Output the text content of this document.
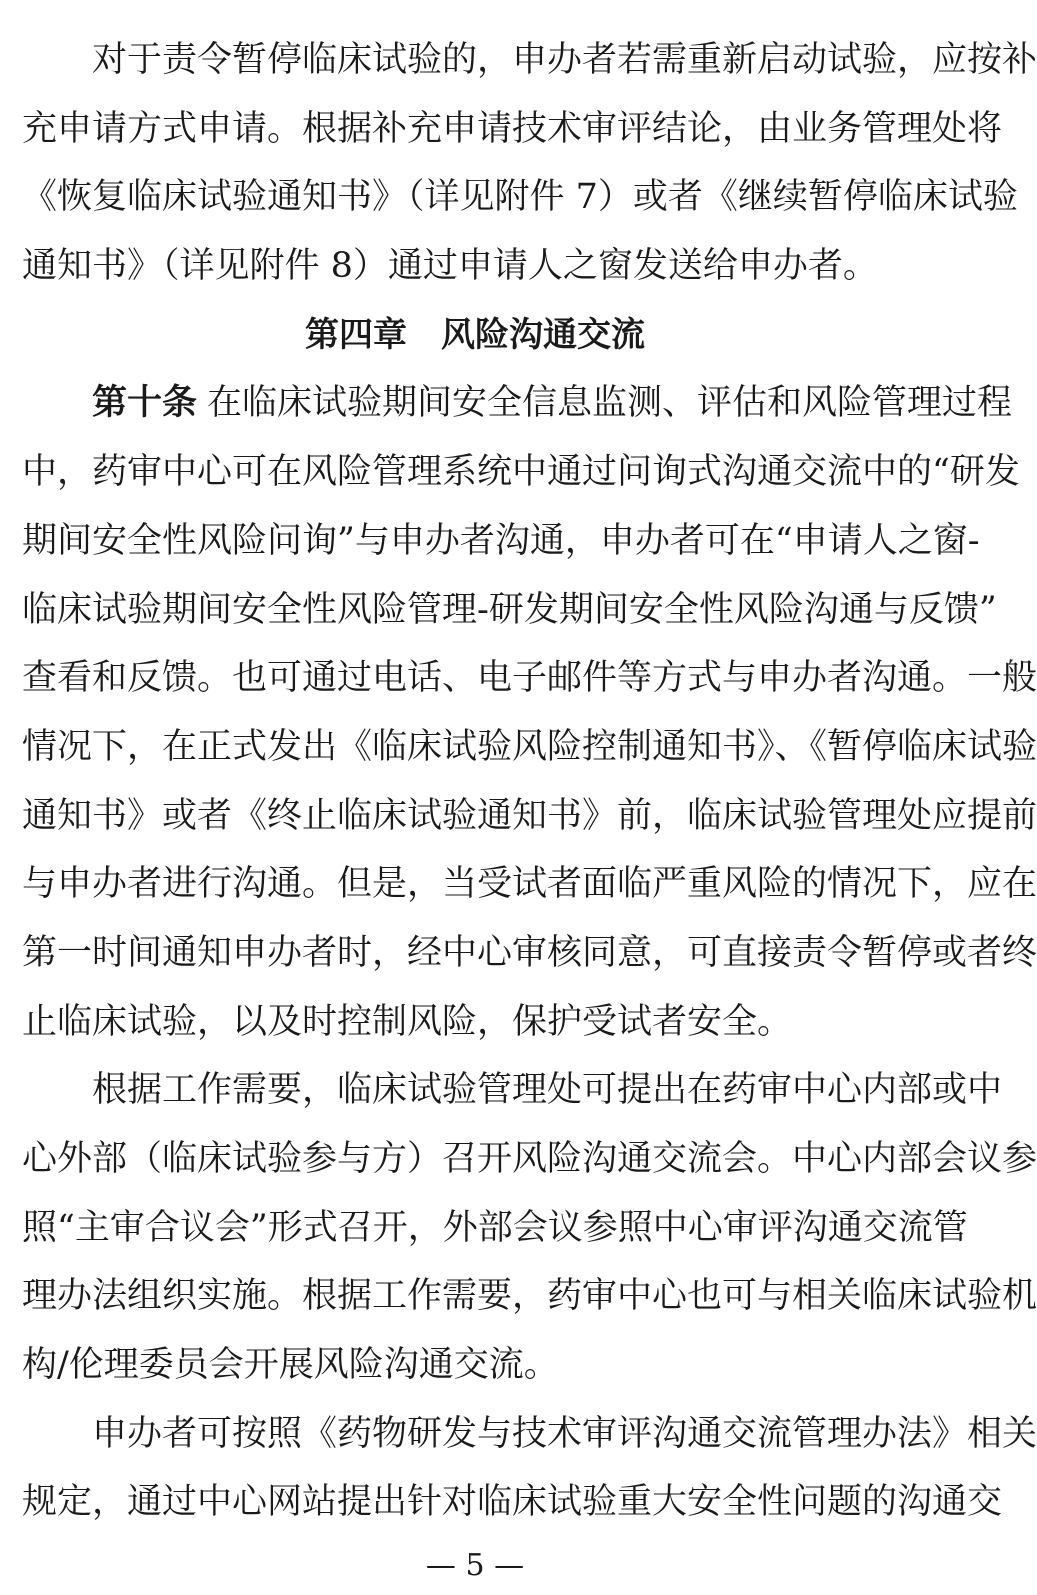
对于责令暂停临床试验的，申办者若需重新启动试验，应按补
充申请方式申请。根据补充申请技术审评结论，由业务管理处将
《恢复临床试验通知书》（详见附件 7）或者《继续暂停临床试验
通知书》（详见附件 8）通过申请人之窗发送给申办者。
第四章　风险沟通交流
第十条 在临床试验期间安全信息监测、评估和风险管理过程
中，药审中心可在风险管理系统中通过问询式沟通交流中的“研发
期间安全性风险问询”与申办者沟通，申办者可在“申请人之窗-
临床试验期间安全性风险管理-研发期间安全性风险沟通与反馈”
查看和反馈。也可通过电话、电子邮件等方式与申办者沟通。一般
情况下，在正式发出《临床试验风险控制通知书》、《暂停临床试验
通知书》或者《终止临床试验通知书》前，临床试验管理处应提前
与申办者进行沟通。但是，当受试者面临严重风险的情况下，应在
第一时间通知申办者时，经中心审核同意，可直接责令暂停或者终
止临床试验，以及时控制风险，保护受试者安全。
根据工作需要，临床试验管理处可提出在药审中心内部或中
心外部（临床试验参与方）召开风险沟通交流会。中心内部会议参
照“主审合议会”形式召开，外部会议参照中心审评沟通交流管
理办法组织实施。根据工作需要，药审中心也可与相关临床试验机
构/伦理委员会开展风险沟通交流。
申办者可按照《药物研发与技术审评沟通交流管理办法》相关
规定，通过中心网站提出针对临床试验重大安全性问题的沟通交
— 5 —
